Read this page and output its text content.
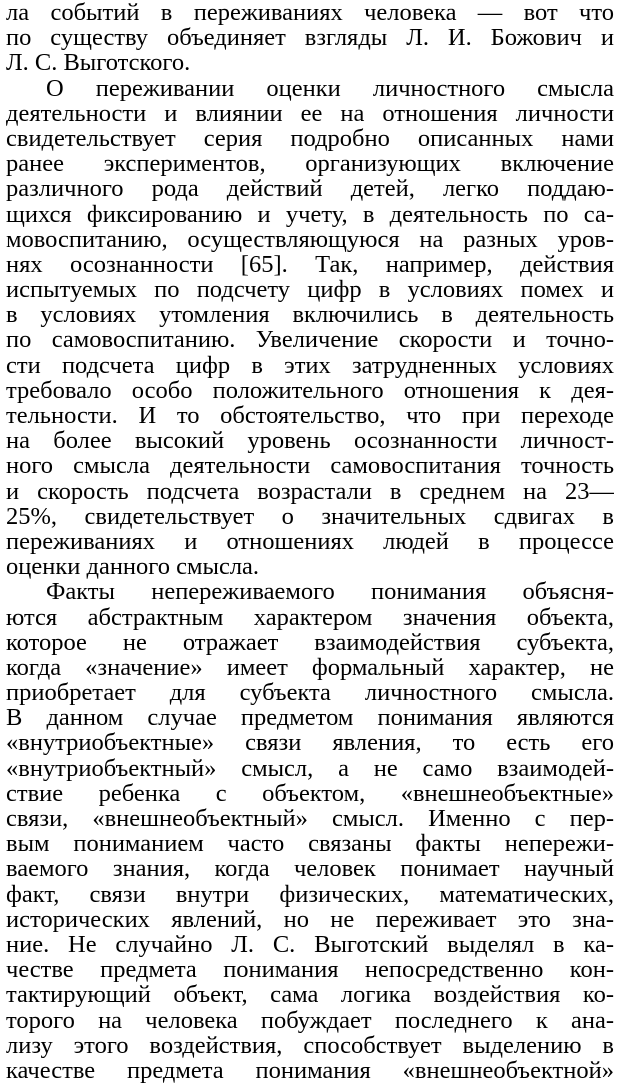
ла событий в переживаниях человека — вот что
по существу объединяет взгляды Л. И. Божович и
Л. С. Выготского.
О переживании оценки личностного смысла
деятельности и влиянии ее на отношения личности
свидетельствует серия подробно описанных нами
ранее экспериментов, организующих включение
различного рода действий детей, легко поддаю-
щихся фиксированию и учету, в деятельность по са-
мовоспитанию, осуществляющуюся на разных уров-
нях осознанности [65]. Так, например, действия
испытуемых по подсчету цифр в условиях помех и
в условиях утомления включились в деятельность
по самовоспитанию. Увеличение скорости и точно-
сти подсчета цифр в этих затрудненных условиях
требовало особо положительного отношения к дея-
тельности. И то обстоятельство, что при переходе
на более высокий уровень осознанности личност-
ного смысла деятельности самовоспитания точность
и скорость подсчета возрастали в среднем на 23—
25%, свидетельствует о значительных сдвигах в
переживаниях и отношениях людей в процессе
оценки данного смысла.
Факты непереживаемого понимания объясня-
ются абстрактным характером значения объекта,
которое не отражает взаимодействия субъекта,
когда «значение» имеет формальный характер, не
приобретает для субъекта личностного смысла.
В данном случае предметом понимания являются
«внутриобъектные» связи явления, то есть его
«внутриобъектный» смысл, а не само взаимодей-
ствие ребенка с объектом, «внешнеобъектные»
связи, «внешнеобъектный» смысл. Именно с пер-
вым пониманием часто связаны факты непережи-
ваемого знания, когда человек понимает научный
факт, связи внутри физических, математических,
исторических явлений, но не переживает это зна-
ние. Не случайно Л. С. Выготский выделял в ка-
честве предмета понимания непосредственно кон-
тактирующий объект, сама логика воздействия ко-
торого на человека побуждает последнего к ана-
лизу этого воздействия, способствует выделению в
качестве предмета понимания «внешнеобъектной»
